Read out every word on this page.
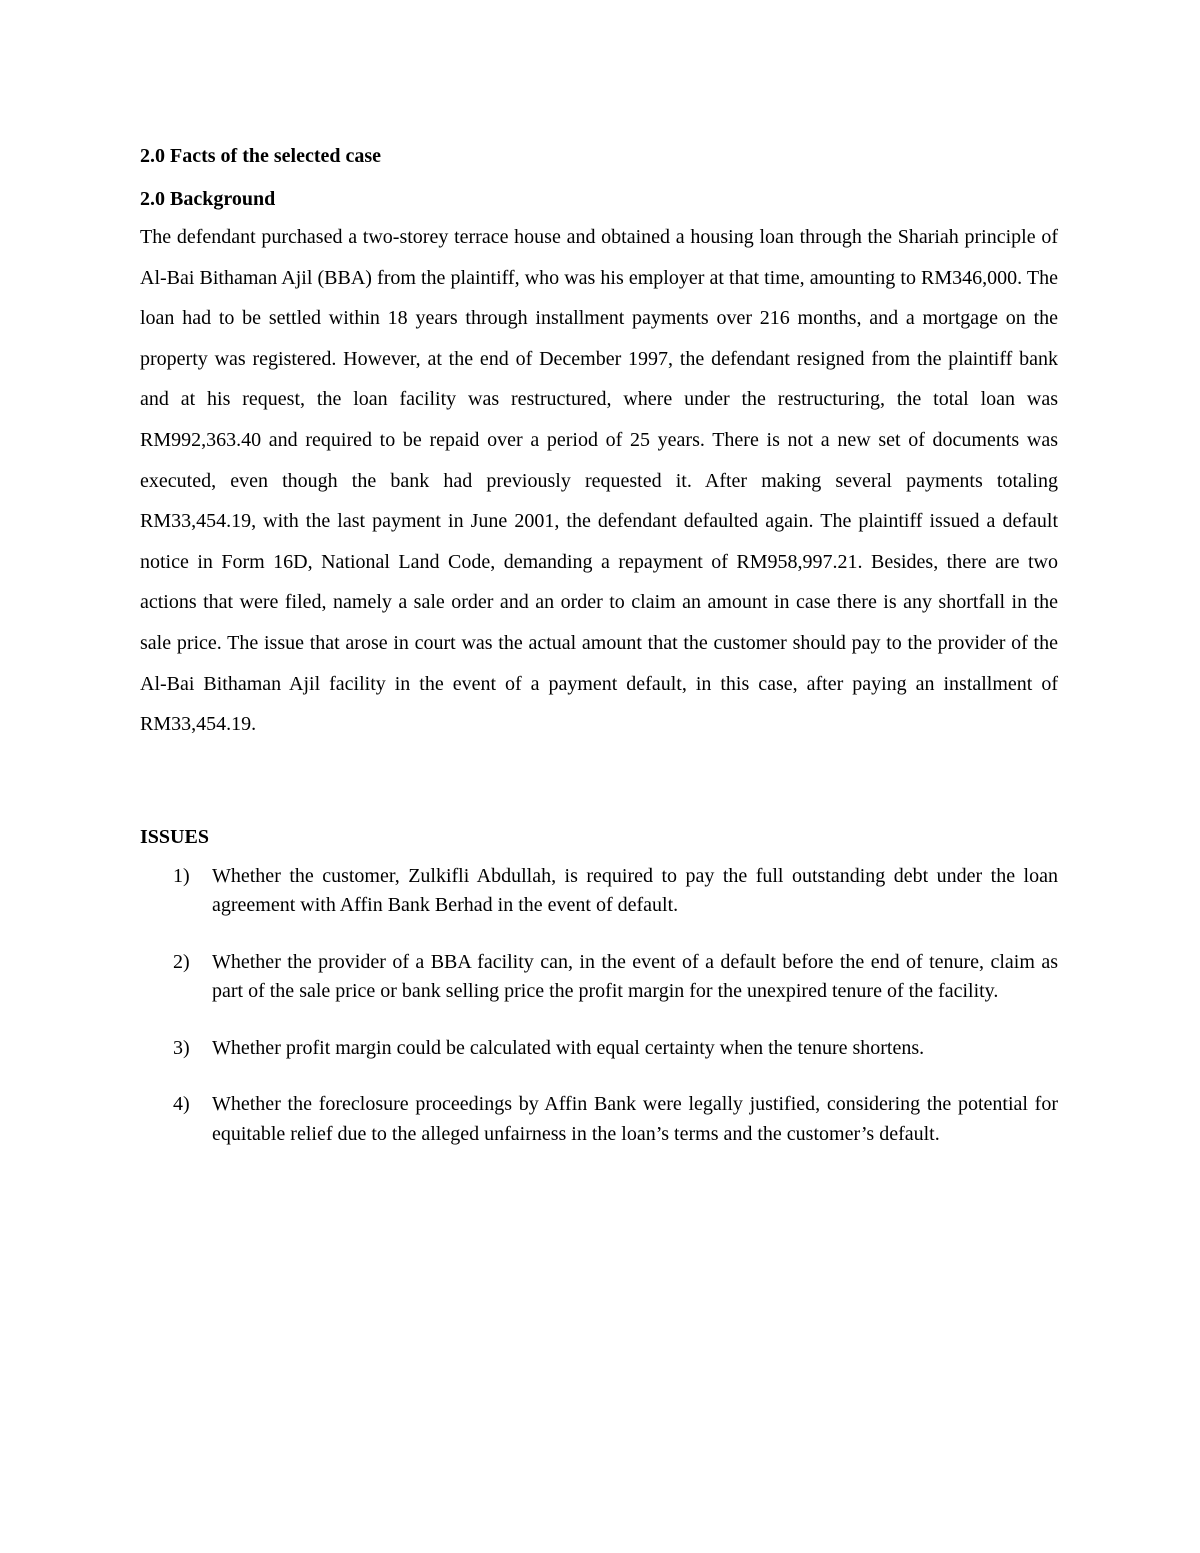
2.0 Facts of the selected case

2.0 Background

The defendant purchased a two-storey terrace house and obtained a housing loan through the Shariah principle of Al-Bai Bithaman Ajil (BBA) from the plaintiff, who was his employer at that time, amounting to RM346,000. The loan had to be settled within 18 years through installment payments over 216 months, and a mortgage on the property was registered. However, at the end of December 1997, the defendant resigned from the plaintiff bank and at his request, the loan facility was restructured, where under the restructuring, the total loan was RM992,363.40 and required to be repaid over a period of 25 years. There is not a new set of documents was executed, even though the bank had previously requested it. After making several payments totaling RM33,454.19, with the last payment in June 2001, the defendant defaulted again. The plaintiff issued a default notice in Form 16D, National Land Code, demanding a repayment of RM958,997.21. Besides, there are two actions that were filed, namely a sale order and an order to claim an amount in case there is any shortfall in the sale price. The issue that arose in court was the actual amount that the customer should pay to the provider of the Al-Bai Bithaman Ajil facility in the event of a payment default, in this case, after paying an installment of RM33,454.19.

ISSUES

1) Whether the customer, Zulkifli Abdullah, is required to pay the full outstanding debt under the loan agreement with Affin Bank Berhad in the event of default.
2) Whether the provider of a BBA facility can, in the event of a default before the end of tenure, claim as part of the sale price or bank selling price the profit margin for the unexpired tenure of the facility.
3) Whether profit margin could be calculated with equal certainty when the tenure shortens.
4) Whether the foreclosure proceedings by Affin Bank were legally justified, considering the potential for equitable relief due to the alleged unfairness in the loan’s terms and the customer’s default.
